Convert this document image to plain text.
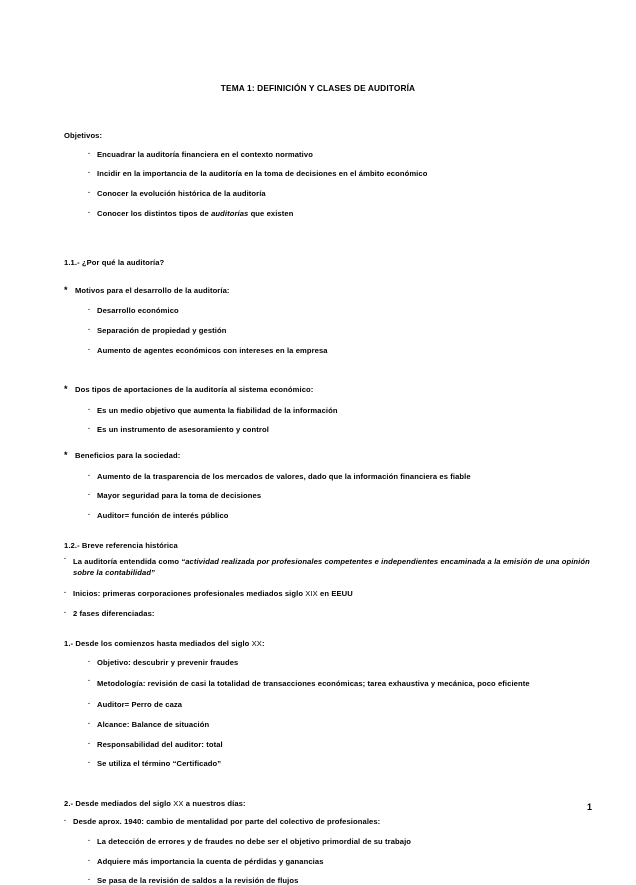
TEMA 1: DEFINICIÓN Y CLASES DE AUDITORÍA
Objetivos:
· Encuadrar la auditoría financiera en el contexto normativo
· Incidir en la importancia de la auditoría en la toma de decisiones en el ámbito económico
· Conocer la evolución histórica de la auditoría
· Conocer los distintos tipos de auditorías que existen
1.1.- ¿Por qué la auditoría?
* Motivos para el desarrollo de la auditoría:
· Desarrollo económico
· Separación de propiedad y gestión
· Aumento de agentes económicos con intereses en la empresa
* Dos tipos de aportaciones de la auditoría al sistema económico:
· Es un medio objetivo que aumenta la fiabilidad de la información
· Es un instrumento de asesoramiento y control
* Beneficios para la sociedad:
· Aumento de la trasparencia de los mercados de valores, dado que la información financiera es fiable
· Mayor seguridad para la toma de decisiones
· Auditor= función de interés público
1.2.- Breve referencia histórica
· La auditoría entendida como “actividad realizada por profesionales competentes e independientes encaminada a la emisión de una opinión sobre la contabilidad”
· Inicios: primeras corporaciones profesionales mediados siglo XIX en EEUU
· 2 fases diferenciadas:
1.- Desde los comienzos hasta mediados del siglo XX:
· Objetivo: descubrir y prevenir fraudes
· Metodología: revisión de casi la totalidad de transacciones económicas; tarea exhaustiva y mecánica, poco eficiente
· Auditor= Perro de caza
· Alcance: Balance de situación
· Responsabilidad del auditor: total
· Se utiliza el término “Certificado”
2.- Desde mediados del siglo XX a nuestros días:
· Desde aprox. 1940: cambio de mentalidad por parte del colectivo de profesionales:
· La detección de errores y de fraudes no debe ser el objetivo primordial de su trabajo
· Adquiere más importancia la cuenta de pérdidas y ganancias
· Se pasa de la revisión de saldos a la revisión de flujos
1
